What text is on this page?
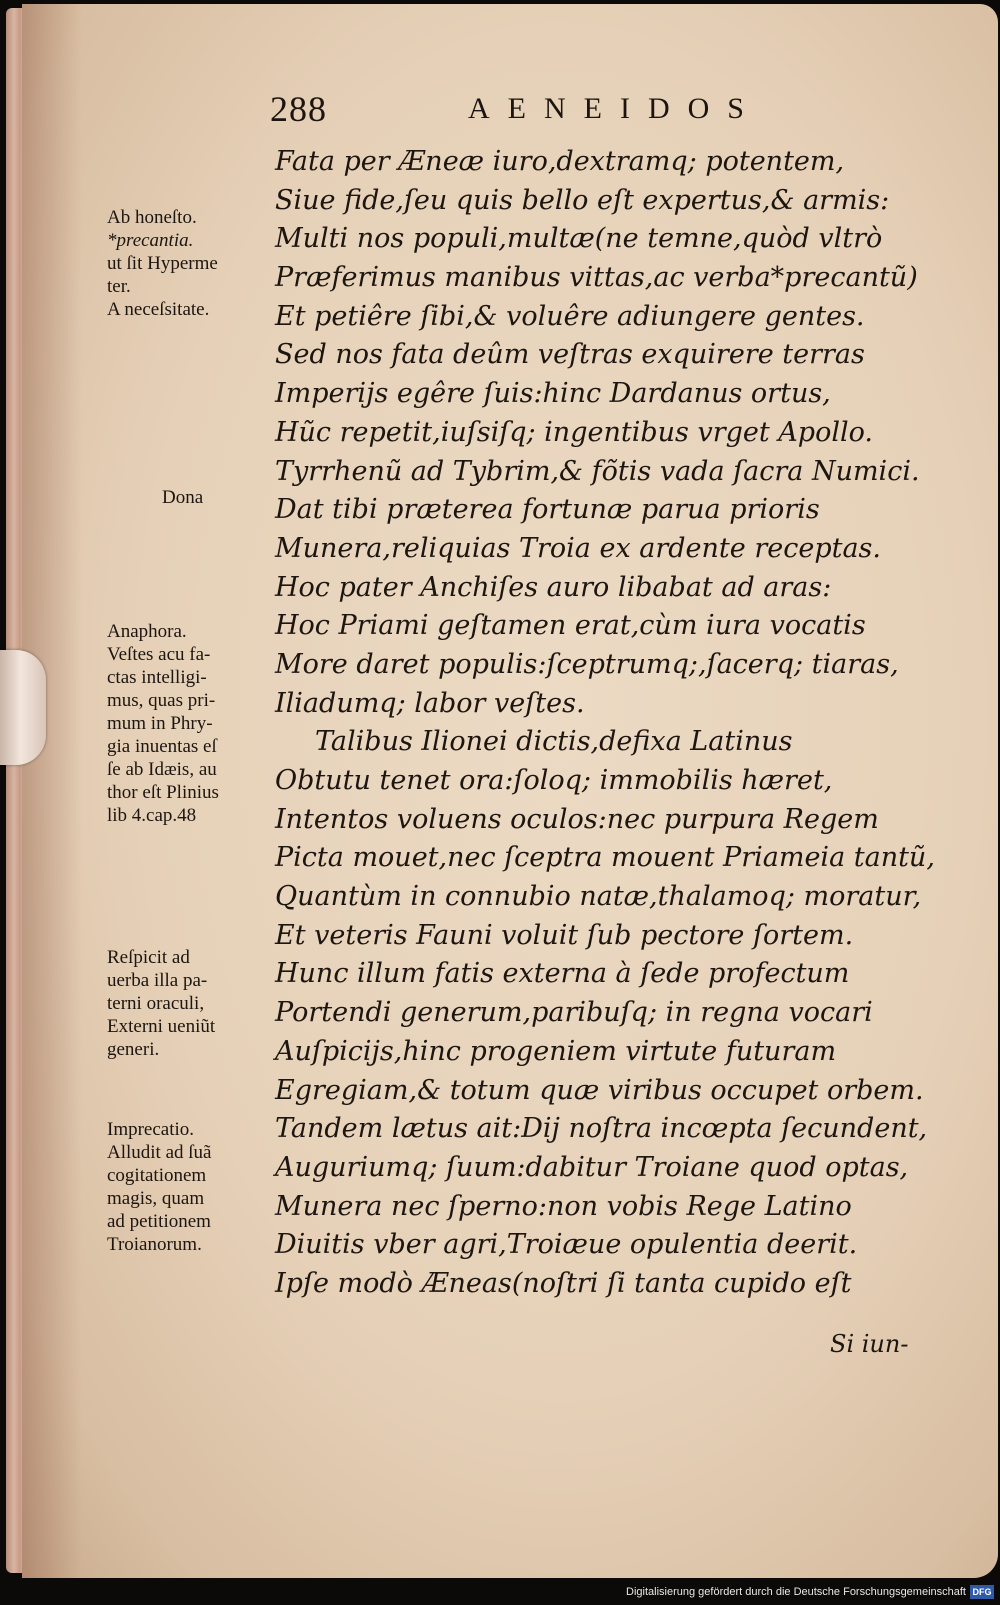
288	AENEIDOS
Fata per Æneæ iuro,dextramq; potentem,
Siue fide,ſeu quis bello eſt expertus,& armis:
Multi nos populi,multæ(ne temne,quòd vltrò
Præferimus manibus vittas,ac verba*precantũ)
Et petiêre ſibi,& voluêre adiungere gentes.
Sed nos fata deûm veſtras exquirere terras
Imperijs egêre ſuis:hinc Dardanus ortus,
Hũc repetit,iuſsiſq; ingentibus vrget Apollo.
Tyrrhenũ ad Tybrim,& fõtis vada ſacra Numici.
Dat tibi præterea fortunæ parua prioris
Munera,reliquias Troia ex ardente receptas.
Hoc pater Anchiſes auro libabat ad aras:
Hoc Priami geſtamen erat,cùm iura vocatis
More daret populis:ſceptrumq;,ſacerq; tiaras,
Iliadumq; labor veſtes.
Talibus Ilionei dictis,defixa Latinus
Obtutu tenet ora:ſoloq; immobilis hæret,
Intentos voluens oculos:nec purpura Regem
Picta mouet,nec ſceptra mouent Priameia tantũ,
Quantùm in connubio natæ,thalamoq; moratur,
Et veteris Fauni voluit ſub pectore ſortem.
Hunc illum fatis externa à ſede profectum
Portendi generum,paribuſq; in regna vocari
Auſpicijs,hinc progeniem virtute futuram
Egregiam,& totum quæ viribus occupet orbem.
Tandem lætus ait:Dij noſtra incœpta ſecundent,
Auguriumq; ſuum:dabitur Troiane quod optas,
Munera nec ſperno:non vobis Rege Latino
Diuitis vber agri,Troiæue opulentia deerit.
Ipſe modò Æneas(noſtri ſi tanta cupido eſt
Ab honeſto.
*precantia.
ut ſit Hyperme
ter.
A neceſsitate.
Dona
Anaphora.
Veſtes acu fa-
ctas intelligi-
mus, quas pri-
mum in Phry-
gia inuentas eſ
ſe ab Idæis, au
thor eſt Plinius
lib 4.cap.48
Reſpicit ad
uerba illa pa-
terni oraculi,
Externi ueniũt
generi.
Imprecatio.
Alludit ad ſuã
cogitationem
magis, quam
ad petitionem
Troianorum.
Si iun-
Digitalisierung gefördert durch die Deutsche Forschungsgemeinschaft DFG
